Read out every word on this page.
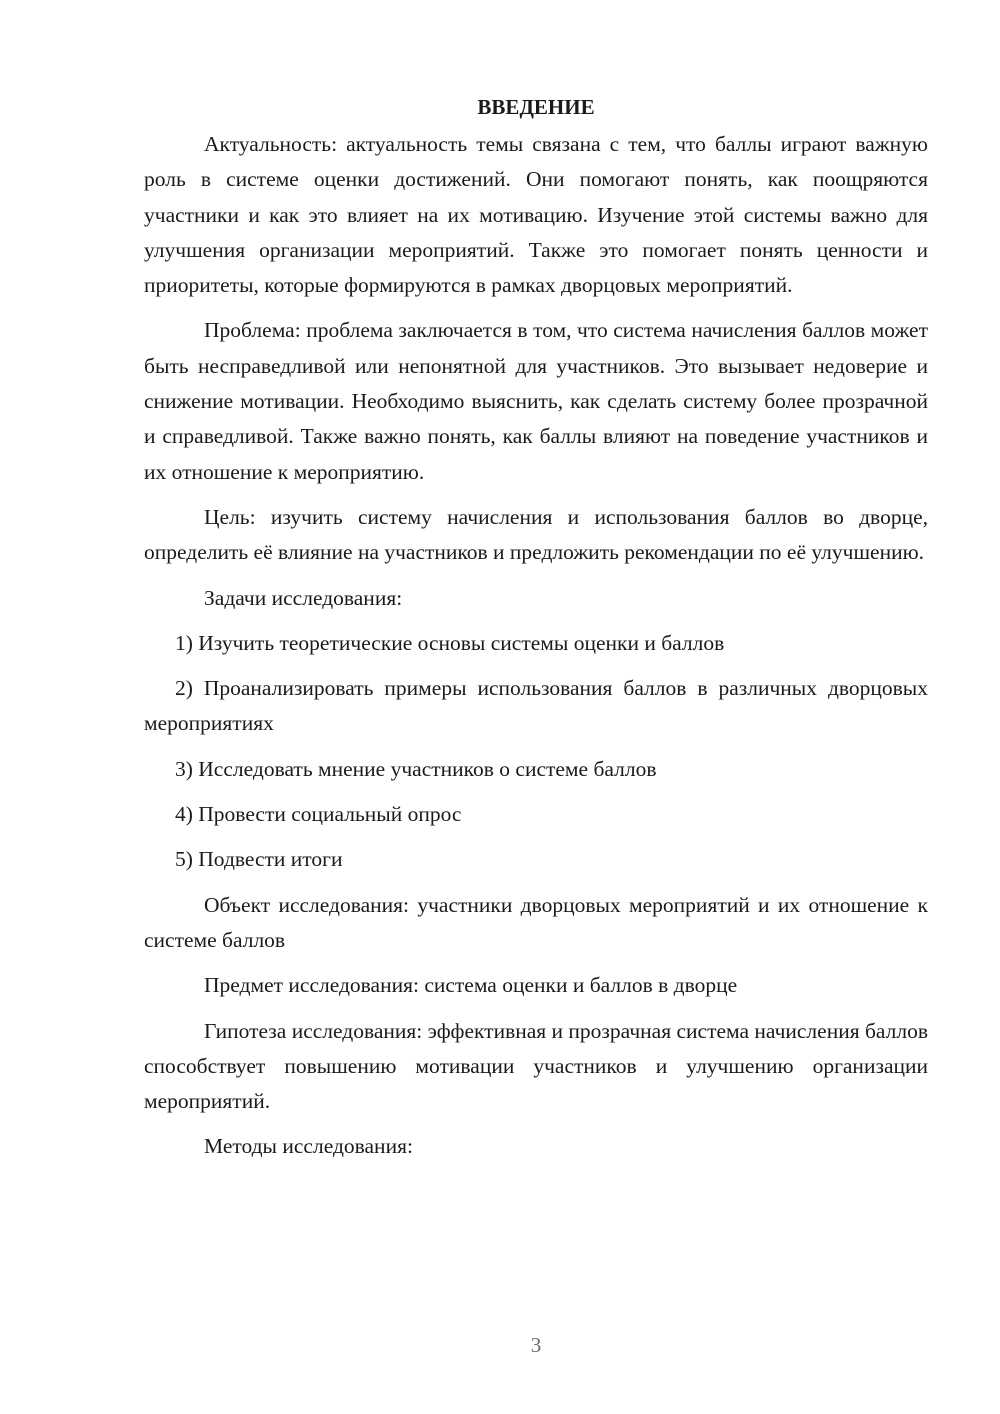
ВВЕДЕНИЕ

Актуальность: актуальность темы связана с тем, что баллы играют важную роль в системе оценки достижений. Они помогают понять, как поощряются участники и как это влияет на их мотивацию. Изучение этой системы важно для улучшения организации мероприятий. Также это помогает понять ценности и приоритеты, которые формируются в рамках дворцовых мероприятий.

Проблема: проблема заключается в том, что система начисления баллов может быть несправедливой или непонятной для участников. Это вызывает недоверие и снижение мотивации. Необходимо выяснить, как сделать систему более прозрачной и справедливой. Также важно понять, как баллы влияют на поведение участников и их отношение к мероприятию.

Цель: изучить систему начисления и использования баллов во дворце, определить её влияние на участников и предложить рекомендации по её улучшению.

Задачи исследования:

1) Изучить теоретические основы системы оценки и баллов

2) Проанализировать примеры использования баллов в различных дворцовых мероприятиях

3) Исследовать мнение участников о системе баллов

4) Провести социальный опрос

5) Подвести итоги

Объект исследования: участники дворцовых мероприятий и их отношение к системе баллов

Предмет исследования: система оценки и баллов в дворце

Гипотеза исследования: эффективная и прозрачная система начисления баллов способствует повышению мотивации участников и улучшению организации мероприятий.

Методы исследования:

3
